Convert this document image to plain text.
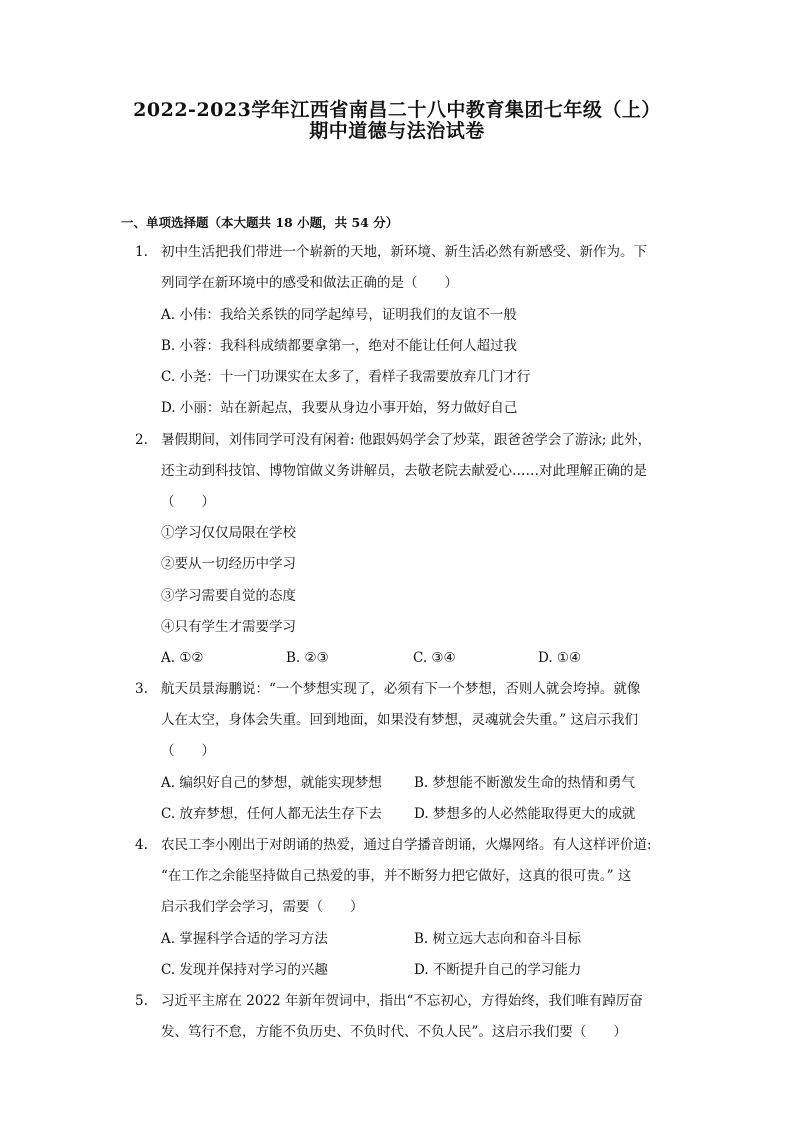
2022-2023学年江西省南昌二十八中教育集团七年级（上）
期中道德与法治试卷
一、单项选择题（本大题共 18 小题，共 54 分）
1. 初中生活把我们带进一个崭新的天地，新环境、新生活必然有新感受、新作为。下
列同学在新环境中的感受和做法正确的是（　　）
A. 小伟：我给关系铁的同学起绰号，证明我们的友谊不一般
B. 小蓉：我科科成绩都要拿第一，绝对不能让任何人超过我
C. 小尧：十一门功课实在太多了，看样子我需要放弃几门才行
D. 小丽：站在新起点，我要从身边小事开始，努力做好自己
2. 暑假期间，刘伟同学可没有闲着: 他跟妈妈学会了炒菜，跟爸爸学会了游泳; 此外，
还主动到科技馆、博物馆做义务讲解员，去敬老院去献爱心……对此理解正确的是
（　　）
①学习仅仅局限在学校
②要从一切经历中学习
③学习需要自觉的态度
④只有学生才需要学习
A. ①②	B. ②③	C. ③④	D. ①④
3. 航天员景海鹏说：“一个梦想实现了，必须有下一个梦想，否则人就会垮掉。就像
人在太空，身体会失重。回到地面，如果没有梦想，灵魂就会失重。” 这启示我们
（　　）
A. 编织好自己的梦想，就能实现梦想 B. 梦想能不断激发生命的热情和勇气
C. 放弃梦想，任何人都无法生存下去 D. 梦想多的人必然能取得更大的成就
4. 农民工李小刚出于对朗诵的热爱，通过自学播音朗诵，火爆网络。有人这样评价道:
“在工作之余能坚持做自己热爱的事，并不断努力把它做好，这真的很可贵。” 这
启示我们学会学习，需要（　　）
A. 掌握科学合适的学习方法	B. 树立远大志向和奋斗目标
C. 发现并保持对学习的兴趣	D. 不断提升自己的学习能力
5. 习近平主席在 2022 年新年贺词中，指出“不忘初心，方得始终，我们唯有踔厉奋
发、笃行不怠，方能不负历史、不负时代、不负人民”。这启示我们要（　　）
